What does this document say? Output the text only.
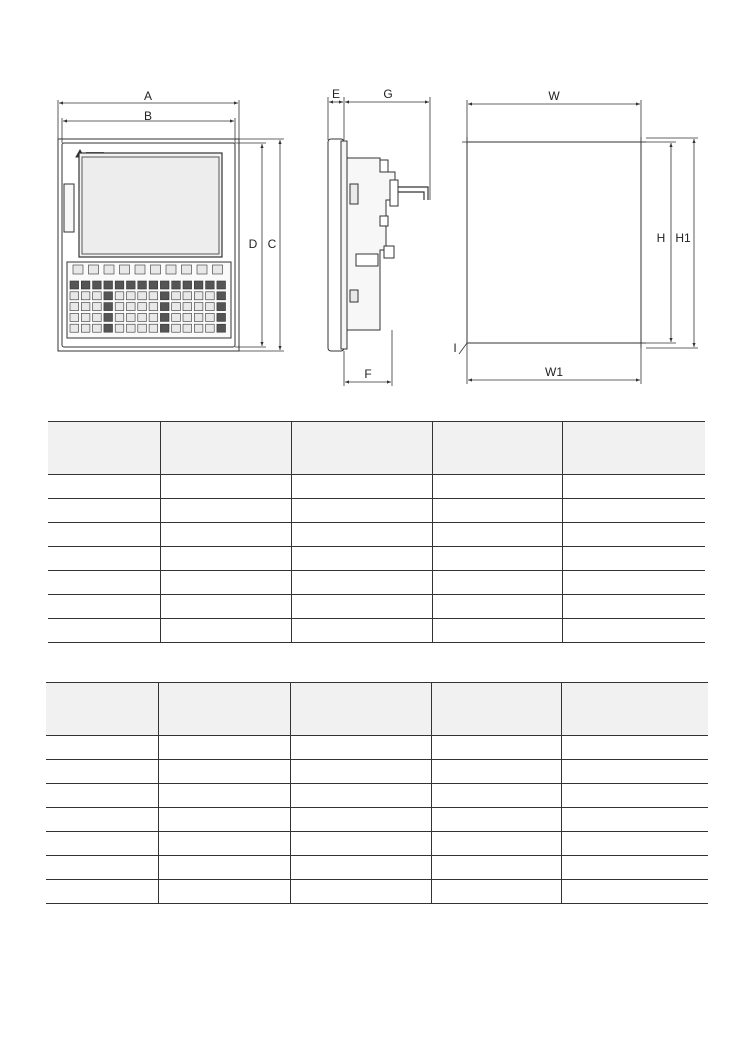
A
B
D C
E	G
F
W
W1
H H1
I
